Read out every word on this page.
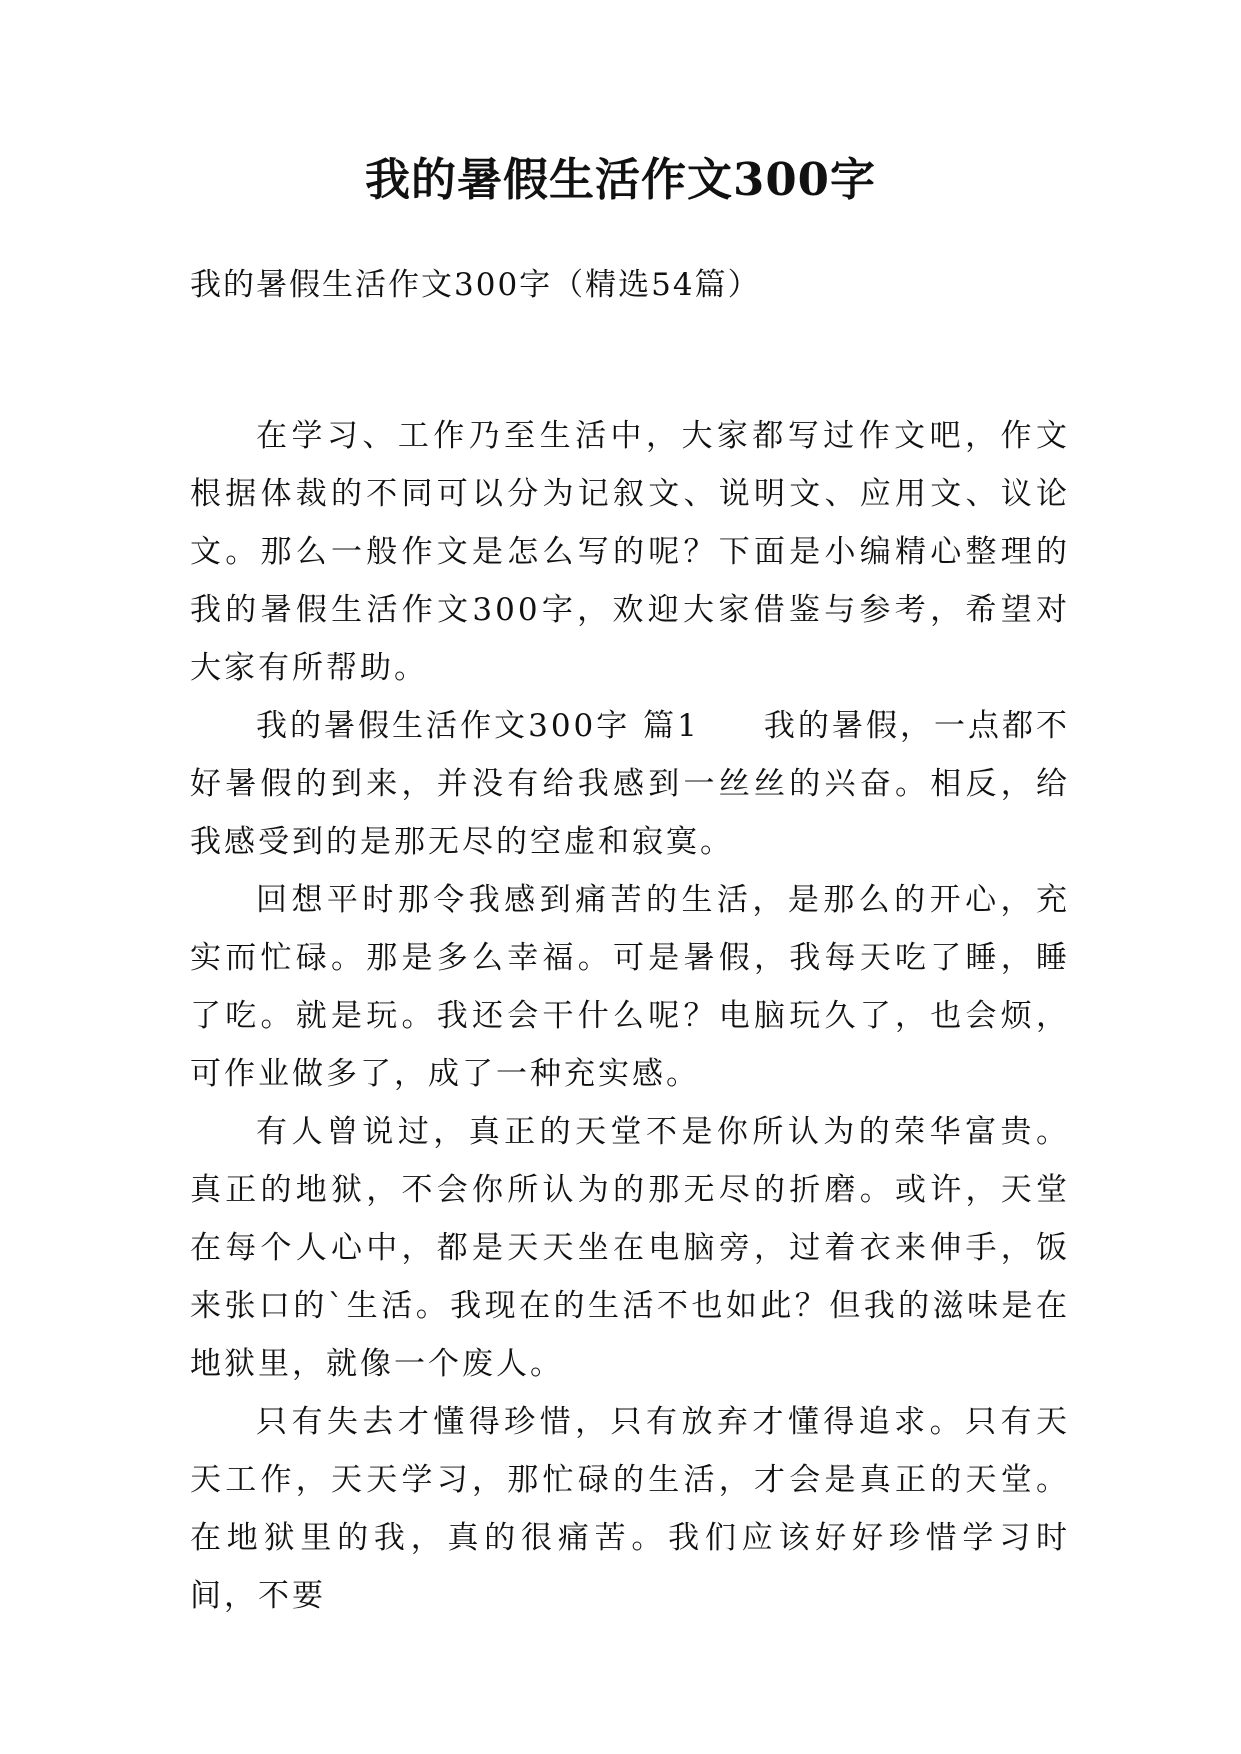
我的暑假生活作文300字

我的暑假生活作文300字（精选54篇）

在学习、工作乃至生活中，大家都写过作文吧，作文根据体裁的不同可以分为记叙文、说明文、应用文、议论文。那么一般作文是怎么写的呢？下面是小编精心整理的我的暑假生活作文300字，欢迎大家借鉴与参考，希望对大家有所帮助。

我的暑假生活作文300字 篇1 我的暑假，一点都不好暑假的到来，并没有给我感到一丝丝的兴奋。相反，给我感受到的是那无尽的空虚和寂寞。

回想平时那令我感到痛苦的生活，是那么的开心，充实而忙碌。那是多么幸福。可是暑假，我每天吃了睡，睡了吃。就是玩。我还会干什么呢？电脑玩久了，也会烦，可作业做多了，成了一种充实感。

有人曾说过，真正的天堂不是你所认为的荣华富贵。真正的地狱，不会你所认为的那无尽的折磨。或许，天堂在每个人心中，都是天天坐在电脑旁，过着衣来伸手，饭来张口的`生活。我现在的生活不也如此？但我的滋味是在地狱里，就像一个废人。

只有失去才懂得珍惜，只有放弃才懂得追求。只有天天工作，天天学习，那忙碌的生活，才会是真正的天堂。在地狱里的我，真的很痛苦。我们应该好好珍惜学习时间，不要
